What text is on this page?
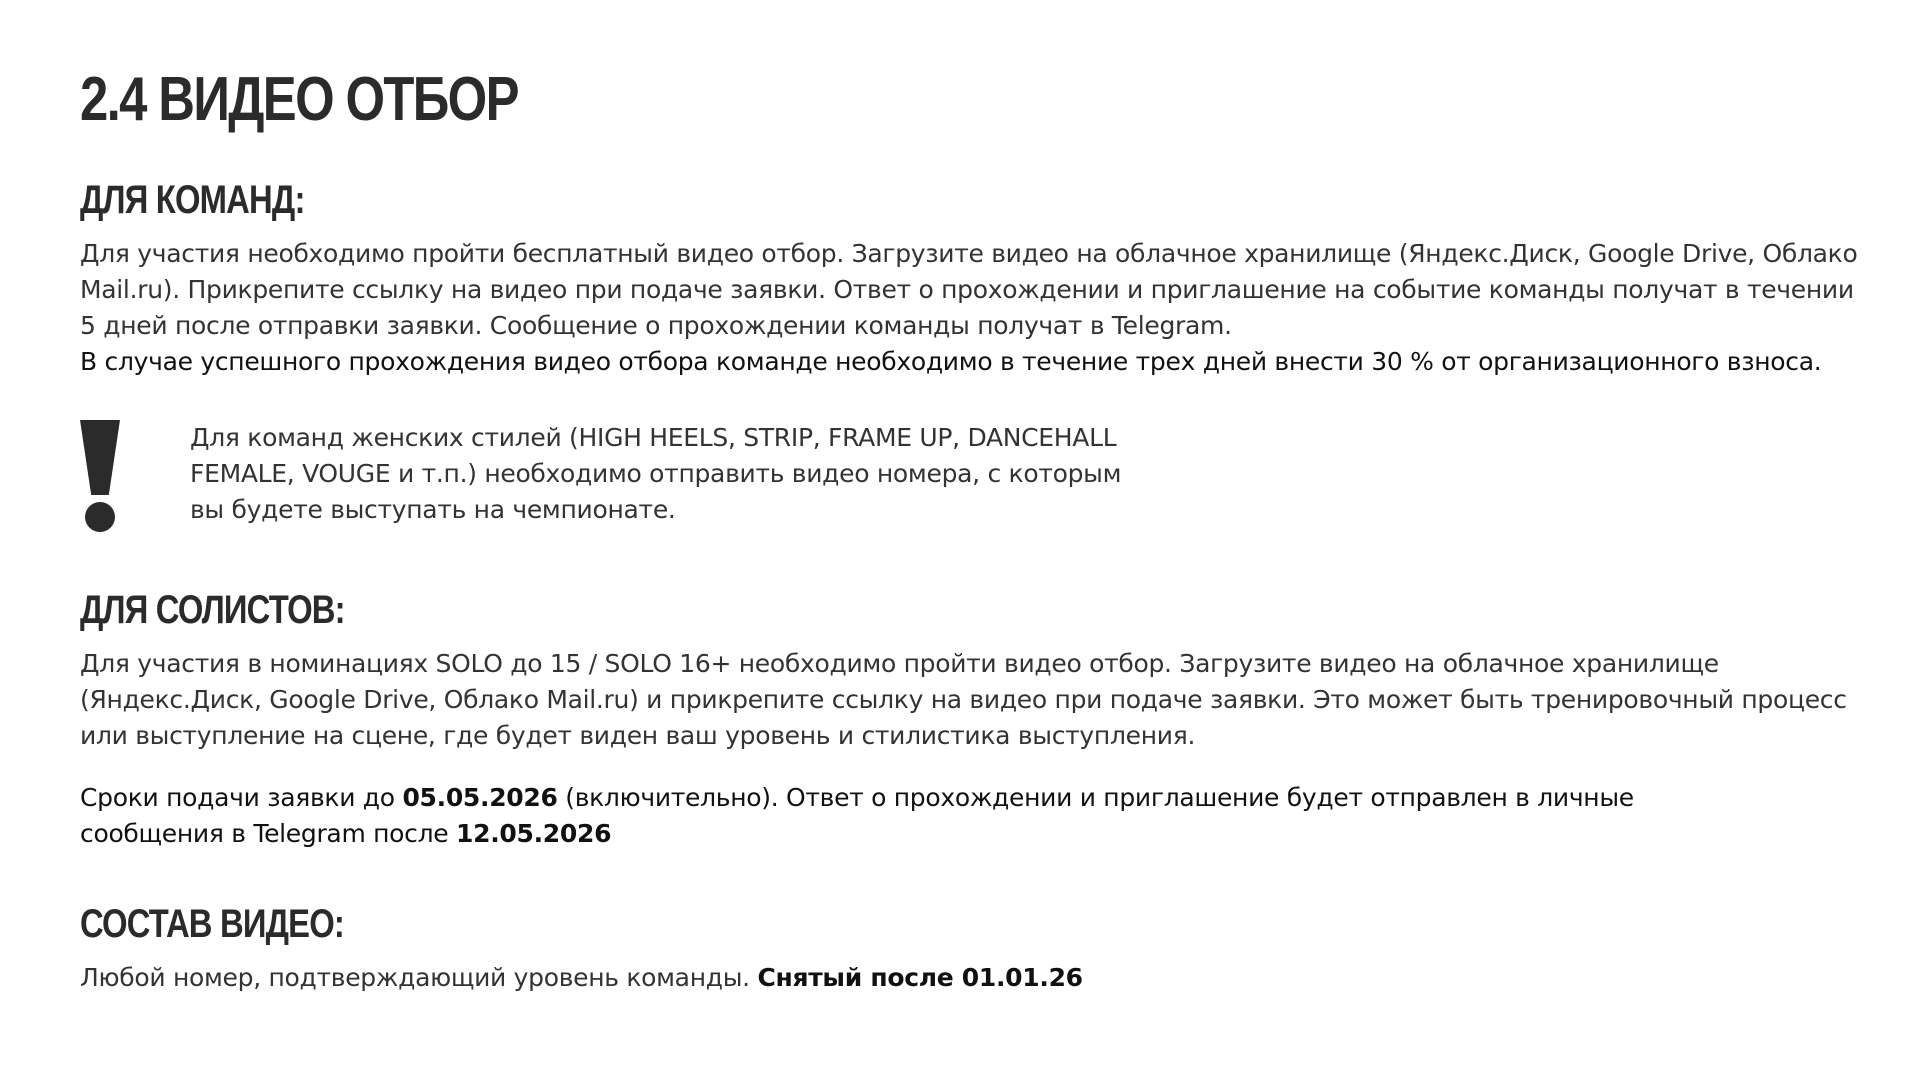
2.4 ВИДЕО ОТБОР
ДЛЯ КОМАНД:

Для участия необходимо пройти бесплатный видео отбор. Загрузите видео на облачное хранилище (Яндекс.Диск, Google Drive, Облако
Mail.ru). Прикрепите ссылку на видео при подаче заявки. Ответ о прохождении и приглашение на событие команды получат в течении
5 дней после отправки заявки. Сообщение о прохождении команды получат в Telegram.
В случае успешного прохождения видео отбора команде необходимо в течение трех дней внести 30 % от организационного взноса.

Для команд женских стилей (HIGH HEELS, STRIP, FRAME UP, DANCEHALL
FEMALE, VOUGE и т.п.) необходимо отправить видео номера, с которым
вы будете выступать на чемпионате.

ДЛЯ СОЛИСТОВ:

Для участия в номинациях SOLO до 15 / SOLO 16+ необходимо пройти видео отбор. Загрузите видео на облачное хранилище
(Яндекс.Диск, Google Drive, Облако Mail.ru) и прикрепите ссылку на видео при подаче заявки. Это может быть тренировочный процесс
или выступление на сцене, где будет виден ваш уровень и стилистика выступления.

Сроки подачи заявки до 05.05.2026 (включительно). Ответ о прохождении и приглашение будет отправлен в личные
сообщения в Telegram после 12.05.2026

СОСТАВ ВИДЕО:

Любой номер, подтверждающий уровень команды. Снятый после 01.01.26
